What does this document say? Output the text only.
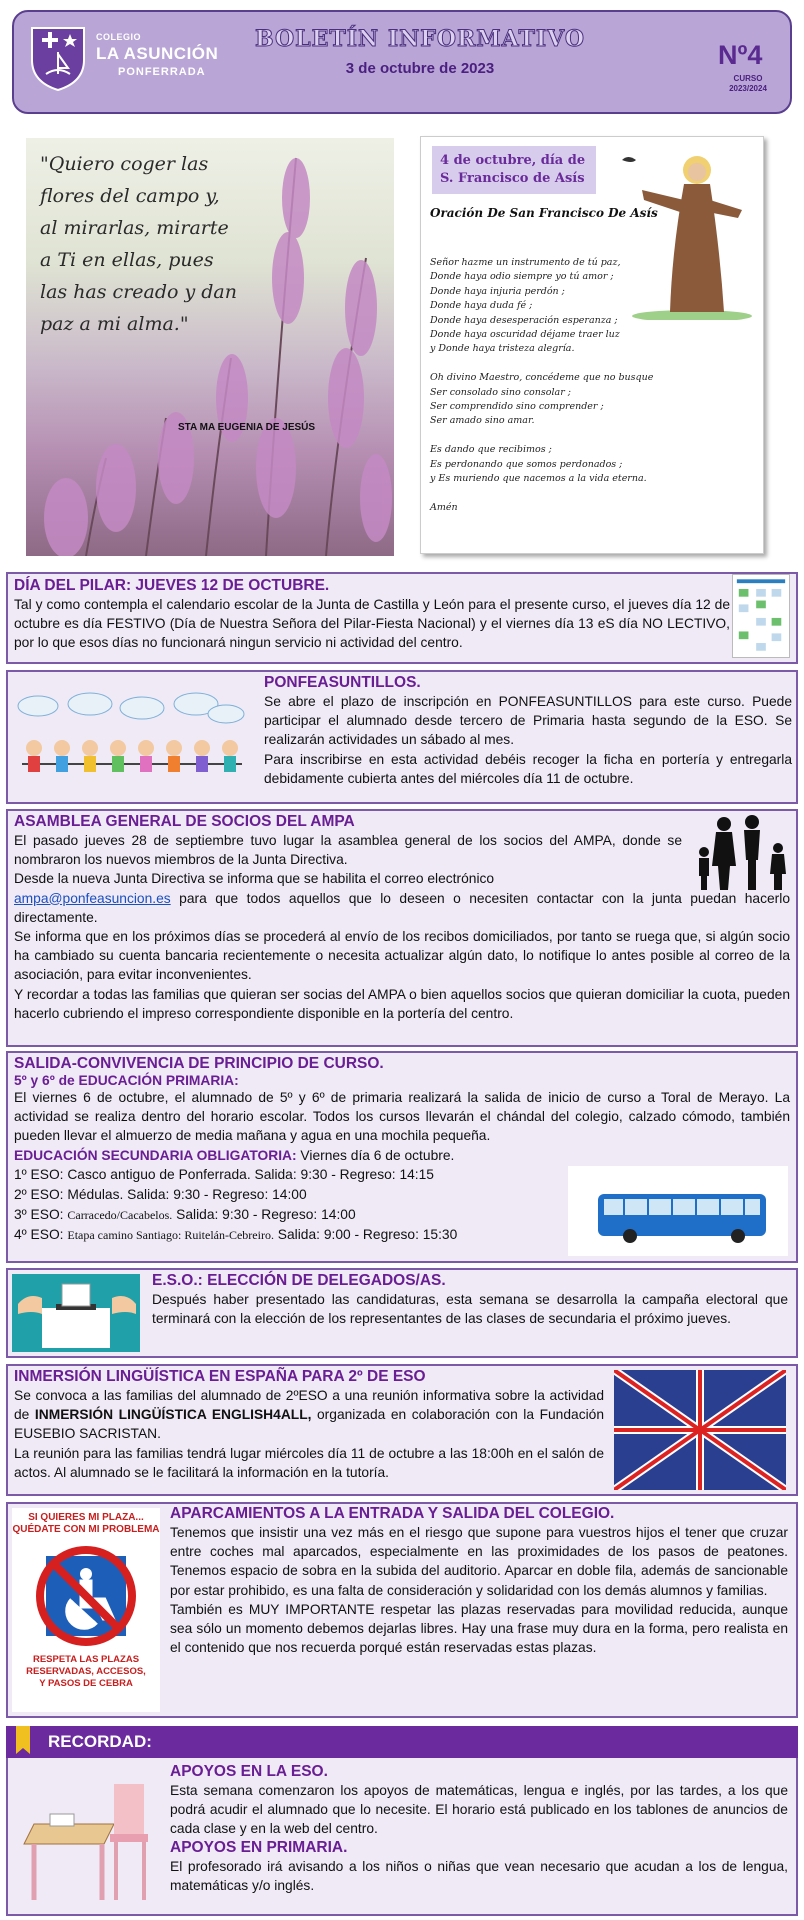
COLEGIO
LA ASUNCIÓN
PONFERRADA
BOLETÍN INFORMATIVO
3 de octubre de 2023	Nº4
CURSO
2023/2024
"Quiero coger las flores del campo y, al mirarlas, mirarte a Ti en ellas, pues las has creado y dan paz a mi alma."
STA MA EUGENIA DE JESÚS
4 de octubre, día de
S. Francisco de Asís
Oración De San Francisco De Asís
Señor hazme un instrumento de tú paz,
Donde haya odio siempre yo tú amor ;
Donde haya injuria perdón ;
Donde haya duda fé ;
Donde haya desesperación esperanza ;
Donde haya oscuridad déjame traer luz
y Donde haya tristeza alegría.
Oh divino Maestro, concédeme que no busque
Ser consolado sino consolar ;
Ser comprendido sino comprender ;
Ser amado sino amar.
Es dando que recibimos ;
Es perdonando que somos perdonados ;
y Es muriendo que nacemos a la vida eterna.
Amén
DÍA DEL PILAR: JUEVES 12 DE OCTUBRE.
Tal y como contempla el calendario escolar de la Junta de Castilla y León para el presente curso, el jueves día 12 de octubre es día FESTIVO (Día de Nuestra Señora del Pilar-Fiesta Nacional) y el viernes día 13 eS día NO LECTIVO, por lo que esos días no funcionará ningun servicio ni actividad del centro.
PONFEASUNTILLOS.
Se abre el plazo de inscripción en PONFEASUNTILLOS para este curso. Puede participar el alumnado desde tercero de Primaria hasta segundo de la ESO. Se realizarán actividades un sábado al mes.
Para inscribirse en esta actividad debéis recoger la ficha en portería y entregarla debidamente cubierta antes del miércoles día 11 de octubre.
ASAMBLEA GENERAL DE SOCIOS DEL AMPA
El pasado jueves 28 de septiembre tuvo lugar la asamblea general de los socios del AMPA, donde se nombraron los nuevos miembros de la Junta Directiva.
Desde la nueva Junta Directiva se informa que se habilita el correo electrónico
ampa@ponfeasuncion.es para que todos aquellos que lo deseen o necesiten contactar con la junta puedan hacerlo directamente.
Se informa que en los próximos días se procederá al envío de los recibos domiciliados, por tanto se ruega que, si algún socio ha cambiado su cuenta bancaria recientemente o necesita actualizar algún dato, lo notifique lo antes posible al correo de la asociación, para evitar inconvenientes.
Y recordar a todas las familias que quieran ser socias del AMPA o bien aquellos socios que quieran domiciliar la cuota, pueden hacerlo cubriendo el impreso correspondiente disponible en la portería del centro.
SALIDA-CONVIVENCIA DE PRINCIPIO DE CURSO.
5º y 6º de EDUCACIÓN PRIMARIA:
El viernes 6 de octubre, el alumnado de 5º y 6º de primaria realizará la salida de inicio de curso a Toral de Merayo. La actividad se realiza dentro del horario escolar. Todos los cursos llevarán el chándal del colegio, calzado cómodo, también pueden llevar el almuerzo de media mañana y agua en una mochila pequeña.
EDUCACIÓN SECUNDARIA OBLIGATORIA: Viernes día 6 de octubre.
1º ESO: Casco antiguo de Ponferrada. Salida: 9:30 - Regreso: 14:15
2º ESO: Médulas. Salida: 9:30 - Regreso: 14:00
3º ESO: Carracedo/Cacabelos. Salida: 9:30 - Regreso: 14:00
4º ESO: Etapa camino Santiago: Ruitelán-Cebreiro. Salida: 9:00 - Regreso: 15:30
E.S.O.: ELECCIÓN DE DELEGADOS/AS.
Después haber presentado las candidaturas, esta semana se desarrolla la campaña electoral que terminará con la elección de los representantes de las clases de secundaria el próximo jueves.
INMERSIÓN LINGÜÍSTICA EN ESPAÑA PARA 2º DE ESO
Se convoca a las familias del alumnado de 2ºESO a una reunión informativa sobre la actividad de INMERSIÓN LINGÜÍSTICA ENGLISH4ALL, organizada en colaboración con la Fundación EUSEBIO SACRISTAN.
La reunión para las familias tendrá lugar miércoles día 11 de octubre a las 18:00h en el salón de actos. Al alumnado se le facilitará la información en la tutoría.
SI QUIERES MI PLAZA...
QUÉDATE CON MI PROBLEMA
RESPETA LAS PLAZAS
RESERVADAS, ACCESOS,
Y PASOS DE CEBRA
APARCAMIENTOS A LA ENTRADA Y SALIDA DEL COLEGIO.
Tenemos que insistir una vez más en el riesgo que supone para vuestros hijos el tener que cruzar entre coches mal aparcados, especialmente en las proximidades de los pasos de peatones. Tenemos espacio de sobra en la subida del auditorio. Aparcar en doble fila, además de sancionable por estar prohibido, es una falta de consideración y solidaridad con los demás alumnos y familias.
También es MUY IMPORTANTE respetar las plazas reservadas para movilidad reducida, aunque sea sólo un momento debemos dejarlas libres. Hay una frase muy dura en la forma, pero realista en el contenido que nos recuerda porqué están reservadas estas plazas.
RECORDAD:
APOYOS EN LA ESO.
Esta semana comenzaron los apoyos de matemáticas, lengua e inglés, por las tardes, a los que podrá acudir el alumnado que lo necesite. El horario está publicado en los tablones de anuncios de cada clase y en la web del centro.
APOYOS EN PRIMARIA.
El profesorado irá avisando a los niños o niñas que vean necesario que acudan a los de lengua, matemáticas y/o inglés.
